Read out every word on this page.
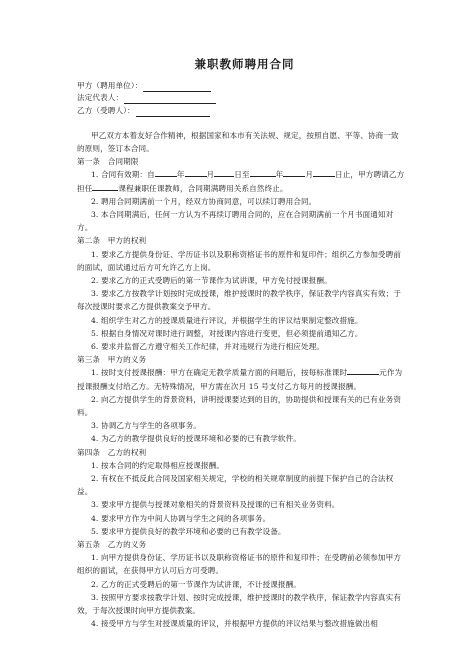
兼职教师聘用合同
甲方（聘用单位）：
法定代表人：
乙方（受聘人）：

甲乙双方本着友好合作精神，根据国家和本市有关法规、规定，按照自愿、平等、协商一致的原则，签订本合同。

第一条　合同期限

1. 合同有效期：自	年	月	日至	年	月	日止，甲方聘请乙方担任	课程兼职任课教师，合同期满聘用关系自然终止。

2. 聘用合同期满前一个月，经双方协商同意，可以续订聘用合同。

3. 本合同期满后，任何一方认为不再续订聘用合同的，应在合同期满前一个月书面通知对方。

第二条　甲方的权利

1. 要求乙方提供身份证、学历证书以及职称资格证书的原件和复印件；组织乙方参加受聘前的面试，面试通过后方可允许乙方上岗。

2. 要求乙方的正式受聘后的第一节课作为试讲课，甲方免付授课报酬。

3. 要求乙方按教学计划按时完成授课，维护授课时的教学秩序，保证教学内容真实有效；于每次授课时要求乙方提供教案交予甲方。

4. 组织学生对乙方的授课质量进行评议，并根据学生的评议结果制定整改措施。

5. 根据自身情况对课时进行调整，对授课内容进行变更，但必须提前通知乙方。

6. 要求并监督乙方遵守相关工作纪律，并对违规行为进行相应处理。

第三条　甲方的义务

1. 按时支付授课报酬：甲方在确定无教学质量方面的问题后，按每标准课时	元作为授课报酬支付给乙方。无特殊情况，甲方需在次月 15 号支付乙方每月的授课报酬。

2. 向乙方提供学生的背景资料，讲明授课要达到的目的，协助提供和授课有关的已有业务资料。

3. 协调乙方与学生的各项事务。

4. 为乙方的教学提供良好的授课环境和必要的已有教学软件。

第四条　乙方的权利

1. 按本合同的约定取得相应授课报酬。

2. 有权在不抵反此合同及国家相关规定，学校的相关规章制度的前提下保护自己的合法权益。

3. 要求甲方提供与授课对象相关的背景资料及授课的已有相关业务资料。

4. 要求甲方作为中间人协调与学生之间的各项事务。

5. 要求甲方提供良好的教学环境和必要的已有教学设备。

第五条　乙方的义务

1. 向甲方提供身份证、学历证书以及职称资格证书的原件和复印件；在受聘前必须参加甲方组织的面试，在获得甲方认可后方可受聘。

2. 乙方的正式受聘后的第一节课作为试讲课，不计授课报酬。

3. 按照甲方要求按教学计划、按时完成授课，维护授课时的教学秩序，保证教学内容真实有效，于每次授课时向甲方提供教案。

4. 接受甲方与学生对授课质量的评议，并根据甲方提供的评议结果与整改措施做出相
